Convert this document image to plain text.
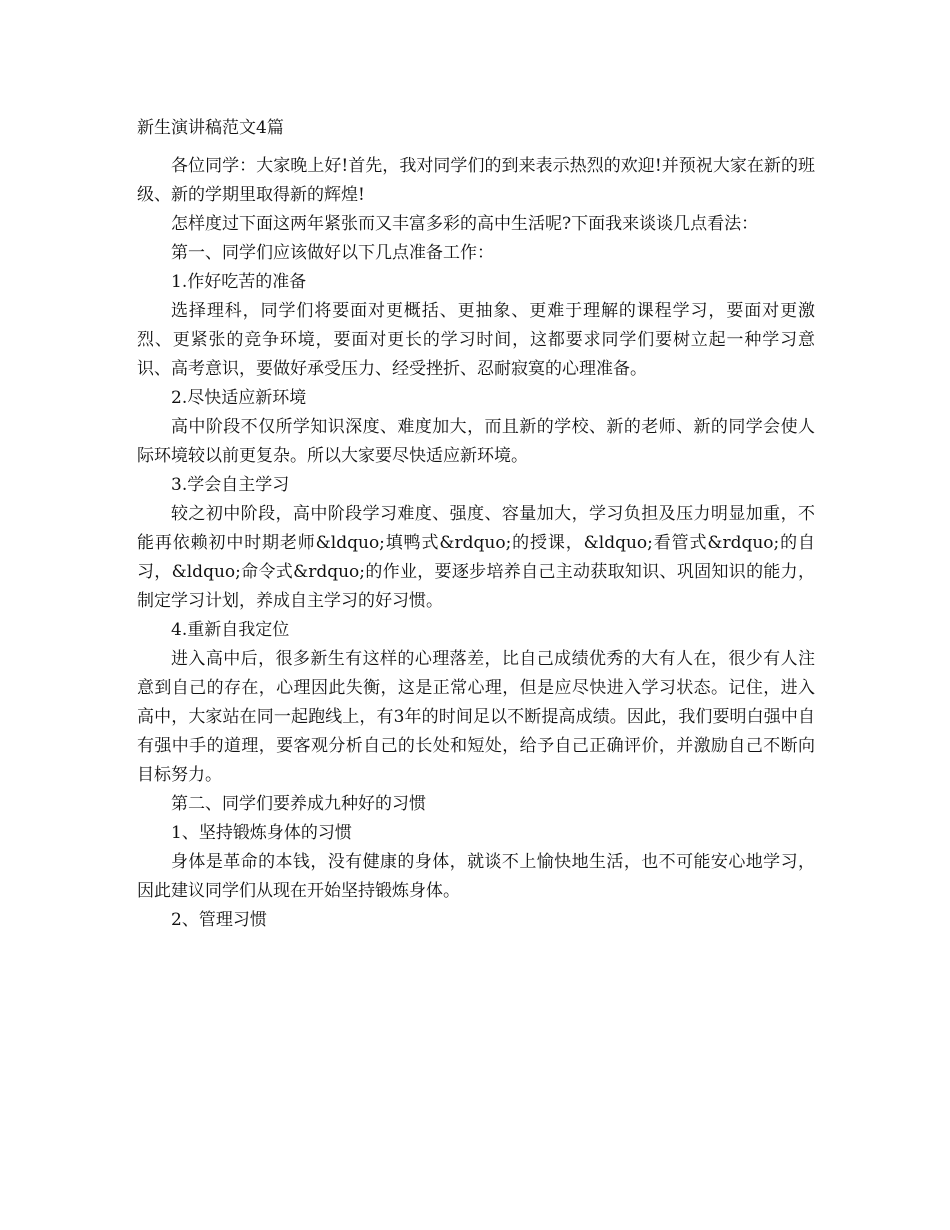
新生演讲稿范文4篇

各位同学：大家晚上好!首先，我对同学们的到来表示热烈的欢迎!并预祝大家在新的班级、新的学期里取得新的辉煌!

怎样度过下面这两年紧张而又丰富多彩的高中生活呢?下面我来谈谈几点看法：

第一、同学们应该做好以下几点准备工作：

1.作好吃苦的准备

选择理科，同学们将要面对更概括、更抽象、更难于理解的课程学习，要面对更激烈、更紧张的竞争环境，要面对更长的学习时间，这都要求同学们要树立起一种学习意识、高考意识，要做好承受压力、经受挫折、忍耐寂寞的心理准备。

2.尽快适应新环境

高中阶段不仅所学知识深度、难度加大，而且新的学校、新的老师、新的同学会使人际环境较以前更复杂。所以大家要尽快适应新环境。

3.学会自主学习

较之初中阶段，高中阶段学习难度、强度、容量加大，学习负担及压力明显加重，不能再依赖初中时期老师&ldquo;填鸭式&rdquo;的授课，&ldquo;看管式&rdquo;的自习，&ldquo;命令式&rdquo;的作业，要逐步培养自己主动获取知识、巩固知识的能力，制定学习计划，养成自主学习的好习惯。

4.重新自我定位

进入高中后，很多新生有这样的心理落差，比自己成绩优秀的大有人在，很少有人注意到自己的存在，心理因此失衡，这是正常心理，但是应尽快进入学习状态。记住，进入高中，大家站在同一起跑线上，有3年的时间足以不断提高成绩。因此，我们要明白强中自有强中手的道理，要客观分析自己的长处和短处，给予自己正确评价，并激励自己不断向目标努力。

第二、同学们要养成九种好的习惯

1、坚持锻炼身体的习惯

身体是革命的本钱，没有健康的身体，就谈不上愉快地生活，也不可能安心地学习，因此建议同学们从现在开始坚持锻炼身体。

2、管理习惯
